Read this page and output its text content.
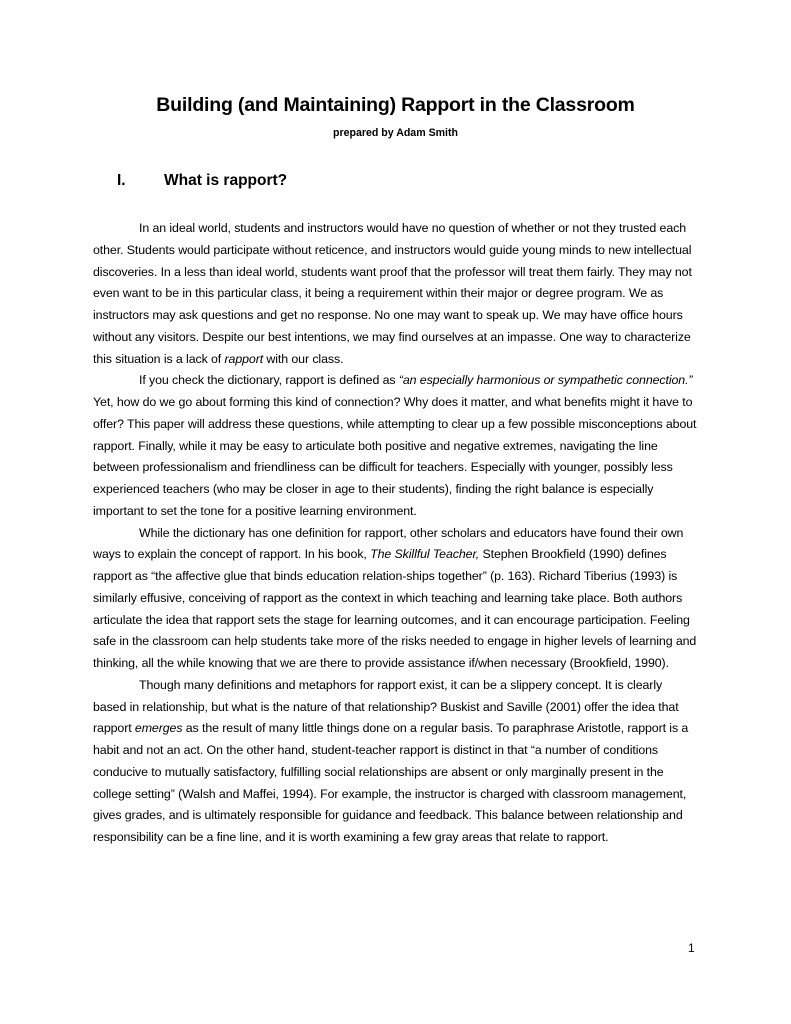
Building (and Maintaining) Rapport in the Classroom
prepared by Adam Smith
I. What is rapport?

In an ideal world, students and instructors would have no question of whether or not they trusted each other. Students would participate without reticence, and instructors would guide young minds to new intellectual discoveries. In a less than ideal world, students want proof that the professor will treat them fairly. They may not even want to be in this particular class, it being a requirement within their major or degree program. We as instructors may ask questions and get no response. No one may want to speak up. We may have office hours without any visitors. Despite our best intentions, we may find ourselves at an impasse. One way to characterize this situation is a lack of rapport with our class.

If you check the dictionary, rapport is defined as “an especially harmonious or sympathetic connection.” Yet, how do we go about forming this kind of connection? Why does it matter, and what benefits might it have to offer? This paper will address these questions, while attempting to clear up a few possible misconceptions about rapport. Finally, while it may be easy to articulate both positive and negative extremes, navigating the line between professionalism and friendliness can be difficult for teachers. Especially with younger, possibly less experienced teachers (who may be closer in age to their students), finding the right balance is especially important to set the tone for a positive learning environment.

While the dictionary has one definition for rapport, other scholars and educators have found their own ways to explain the concept of rapport. In his book, The Skillful Teacher, Stephen Brookfield (1990) defines rapport as “the affective glue that binds education relation-ships together” (p. 163). Richard Tiberius (1993) is similarly effusive, conceiving of rapport as the context in which teaching and learning take place. Both authors articulate the idea that rapport sets the stage for learning outcomes, and it can encourage participation. Feeling safe in the classroom can help students take more of the risks needed to engage in higher levels of learning and thinking, all the while knowing that we are there to provide assistance if/when necessary (Brookfield, 1990).

Though many definitions and metaphors for rapport exist, it can be a slippery concept. It is clearly based in relationship, but what is the nature of that relationship? Buskist and Saville (2001) offer the idea that rapport emerges as the result of many little things done on a regular basis. To paraphrase Aristotle, rapport is a habit and not an act. On the other hand, student-teacher rapport is distinct in that “a number of conditions conducive to mutually satisfactory, fulfilling social relationships are absent or only marginally present in the college setting” (Walsh and Maffei, 1994). For example, the instructor is charged with classroom management, gives grades, and is ultimately responsible for guidance and feedback. This balance between relationship and responsibility can be a fine line, and it is worth examining a few gray areas that relate to rapport.

1
